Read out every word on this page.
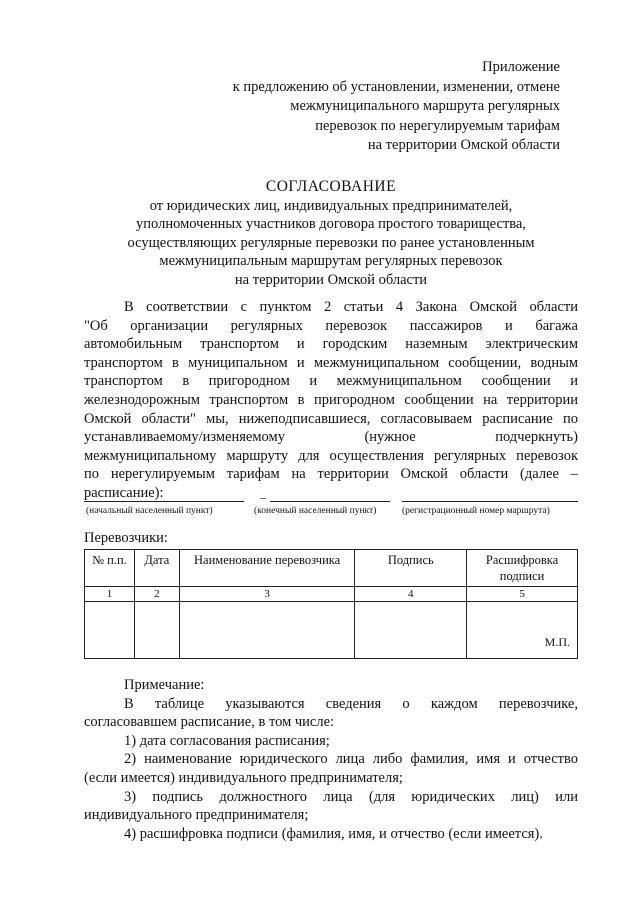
Приложение
к предложению об установлении, изменении, отмене
межмуниципального маршрута регулярных
перевозок по нерегулируемым тарифам
на территории Омской области
СОГЛАСОВАНИЕ
от юридических лиц, индивидуальных предпринимателей,
уполномоченных участников договора простого товарищества,
осуществляющих регулярные перевозки по ранее установленным
межмуниципальным маршрутам регулярных перевозок
на территории Омской области
В соответствии с пунктом 2 статьи 4 Закона Омской области
"Об организации регулярных перевозок пассажиров и багажа
автомобильным транспортом и городским наземным электрическим
транспортом в муниципальном и межмуниципальном сообщении, водным
транспортом в пригородном и межмуниципальном сообщении и
железнодорожным транспортом в пригородном сообщении на территории
Омской области" мы, нижеподписавшиеся, согласовываем расписание по
устанавливаемому/изменяемому (нужное подчеркнуть)
межмуниципальному маршруту для осуществления регулярных перевозок
по нерегулируемым тарифам на территории Омской области (далее –
расписание):	–
(начальный населенный пункт)	(конечный населенный пункт)	(регистрационный номер маршрута)
Перевозчики:
№ п.п.	Дата	Наименование перевозчика	Подпись	Расшифровка подписи
1	2	3	4	5

				М.П.
Примечание:
В таблице указываются сведения о каждом перевозчике,
согласовавшем расписание, в том числе:
1) дата согласования расписания;
2) наименование юридического лица либо фамилия, имя и отчество
(если имеется) индивидуального предпринимателя;
3) подпись должностного лица (для юридических лиц) или
индивидуального предпринимателя;
4) расшифровка подписи (фамилия, имя, и отчество (если имеется).
